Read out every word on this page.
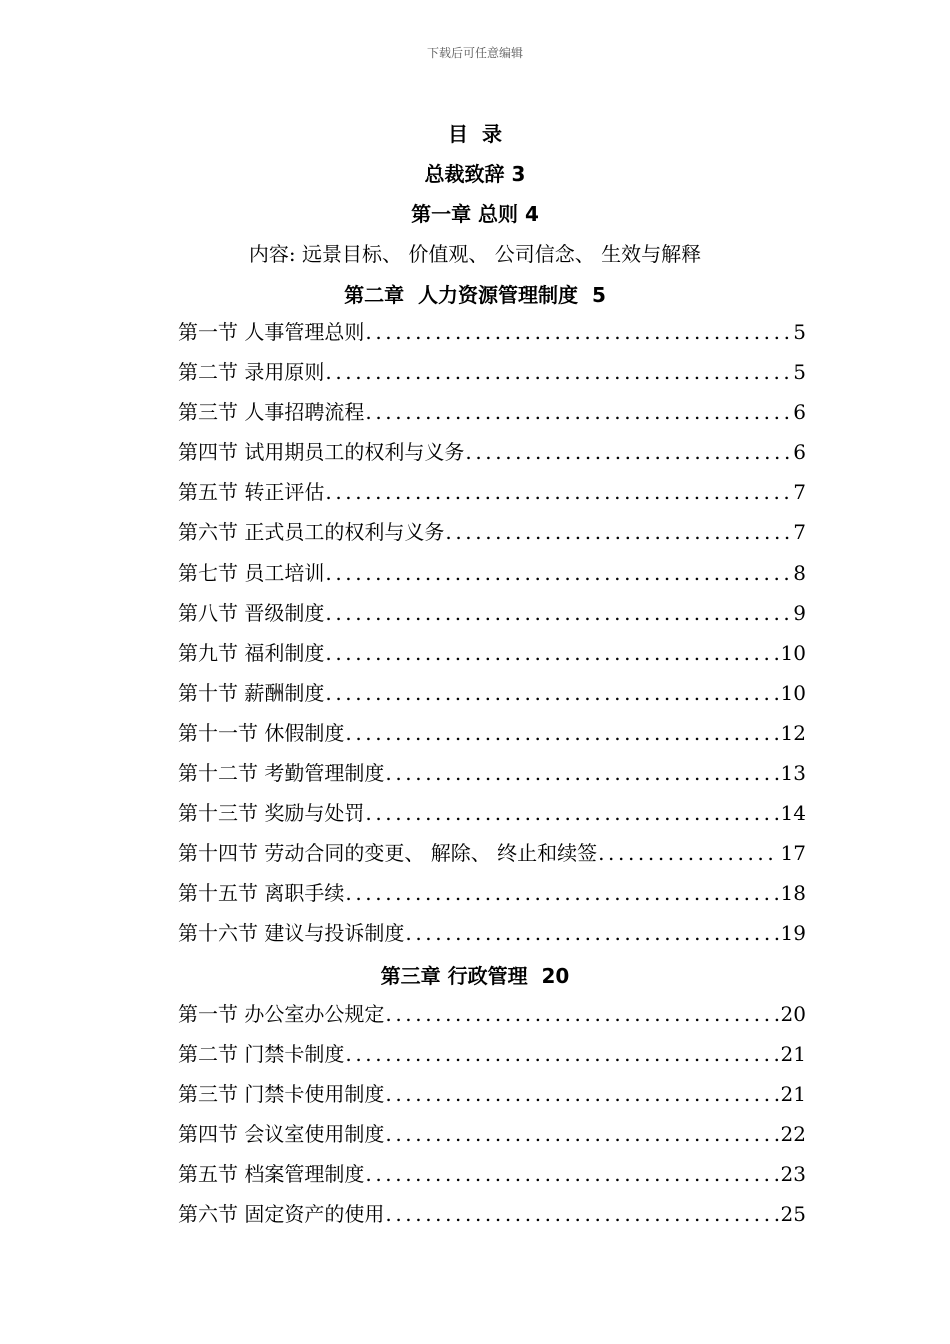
下载后可任意编辑
目  录
总裁致辞 3
第一章 总则 4
内容: 远景目标、 价值观、 公司信念、 生效与解释
第二章  人力资源管理制度  5
第一节 人事管理总则 .....	5
第二节 录用原则 .....	5
第三节 人事招聘流程 .....	6
第四节 试用期员工的权利与义务 .....	6
第五节 转正评估 .....	7
第六节 正式员工的权利与义务 .....	7
第七节 员工培训 .....	8
第八节 晋级制度 .....	9
第九节 福利制度 .....	10
第十节 薪酬制度 .....	10
第十一节 休假制度 .....	12
第十二节 考勤管理制度 .....	13
第十三节 奖励与处罚 .....	14
第十四节 劳动合同的变更、 解除、 终止和续签 .....	17
第十五节 离职手续 .....	18
第十六节 建议与投诉制度 .....	19
第三章 行政管理  20
第一节 办公室办公规定 .....	20
第二节 门禁卡制度 .....	21
第三节 门禁卡使用制度 .....	21
第四节 会议室使用制度 .....	22
第五节 档案管理制度 .....	23
第六节 固定资产的使用 .....	25
